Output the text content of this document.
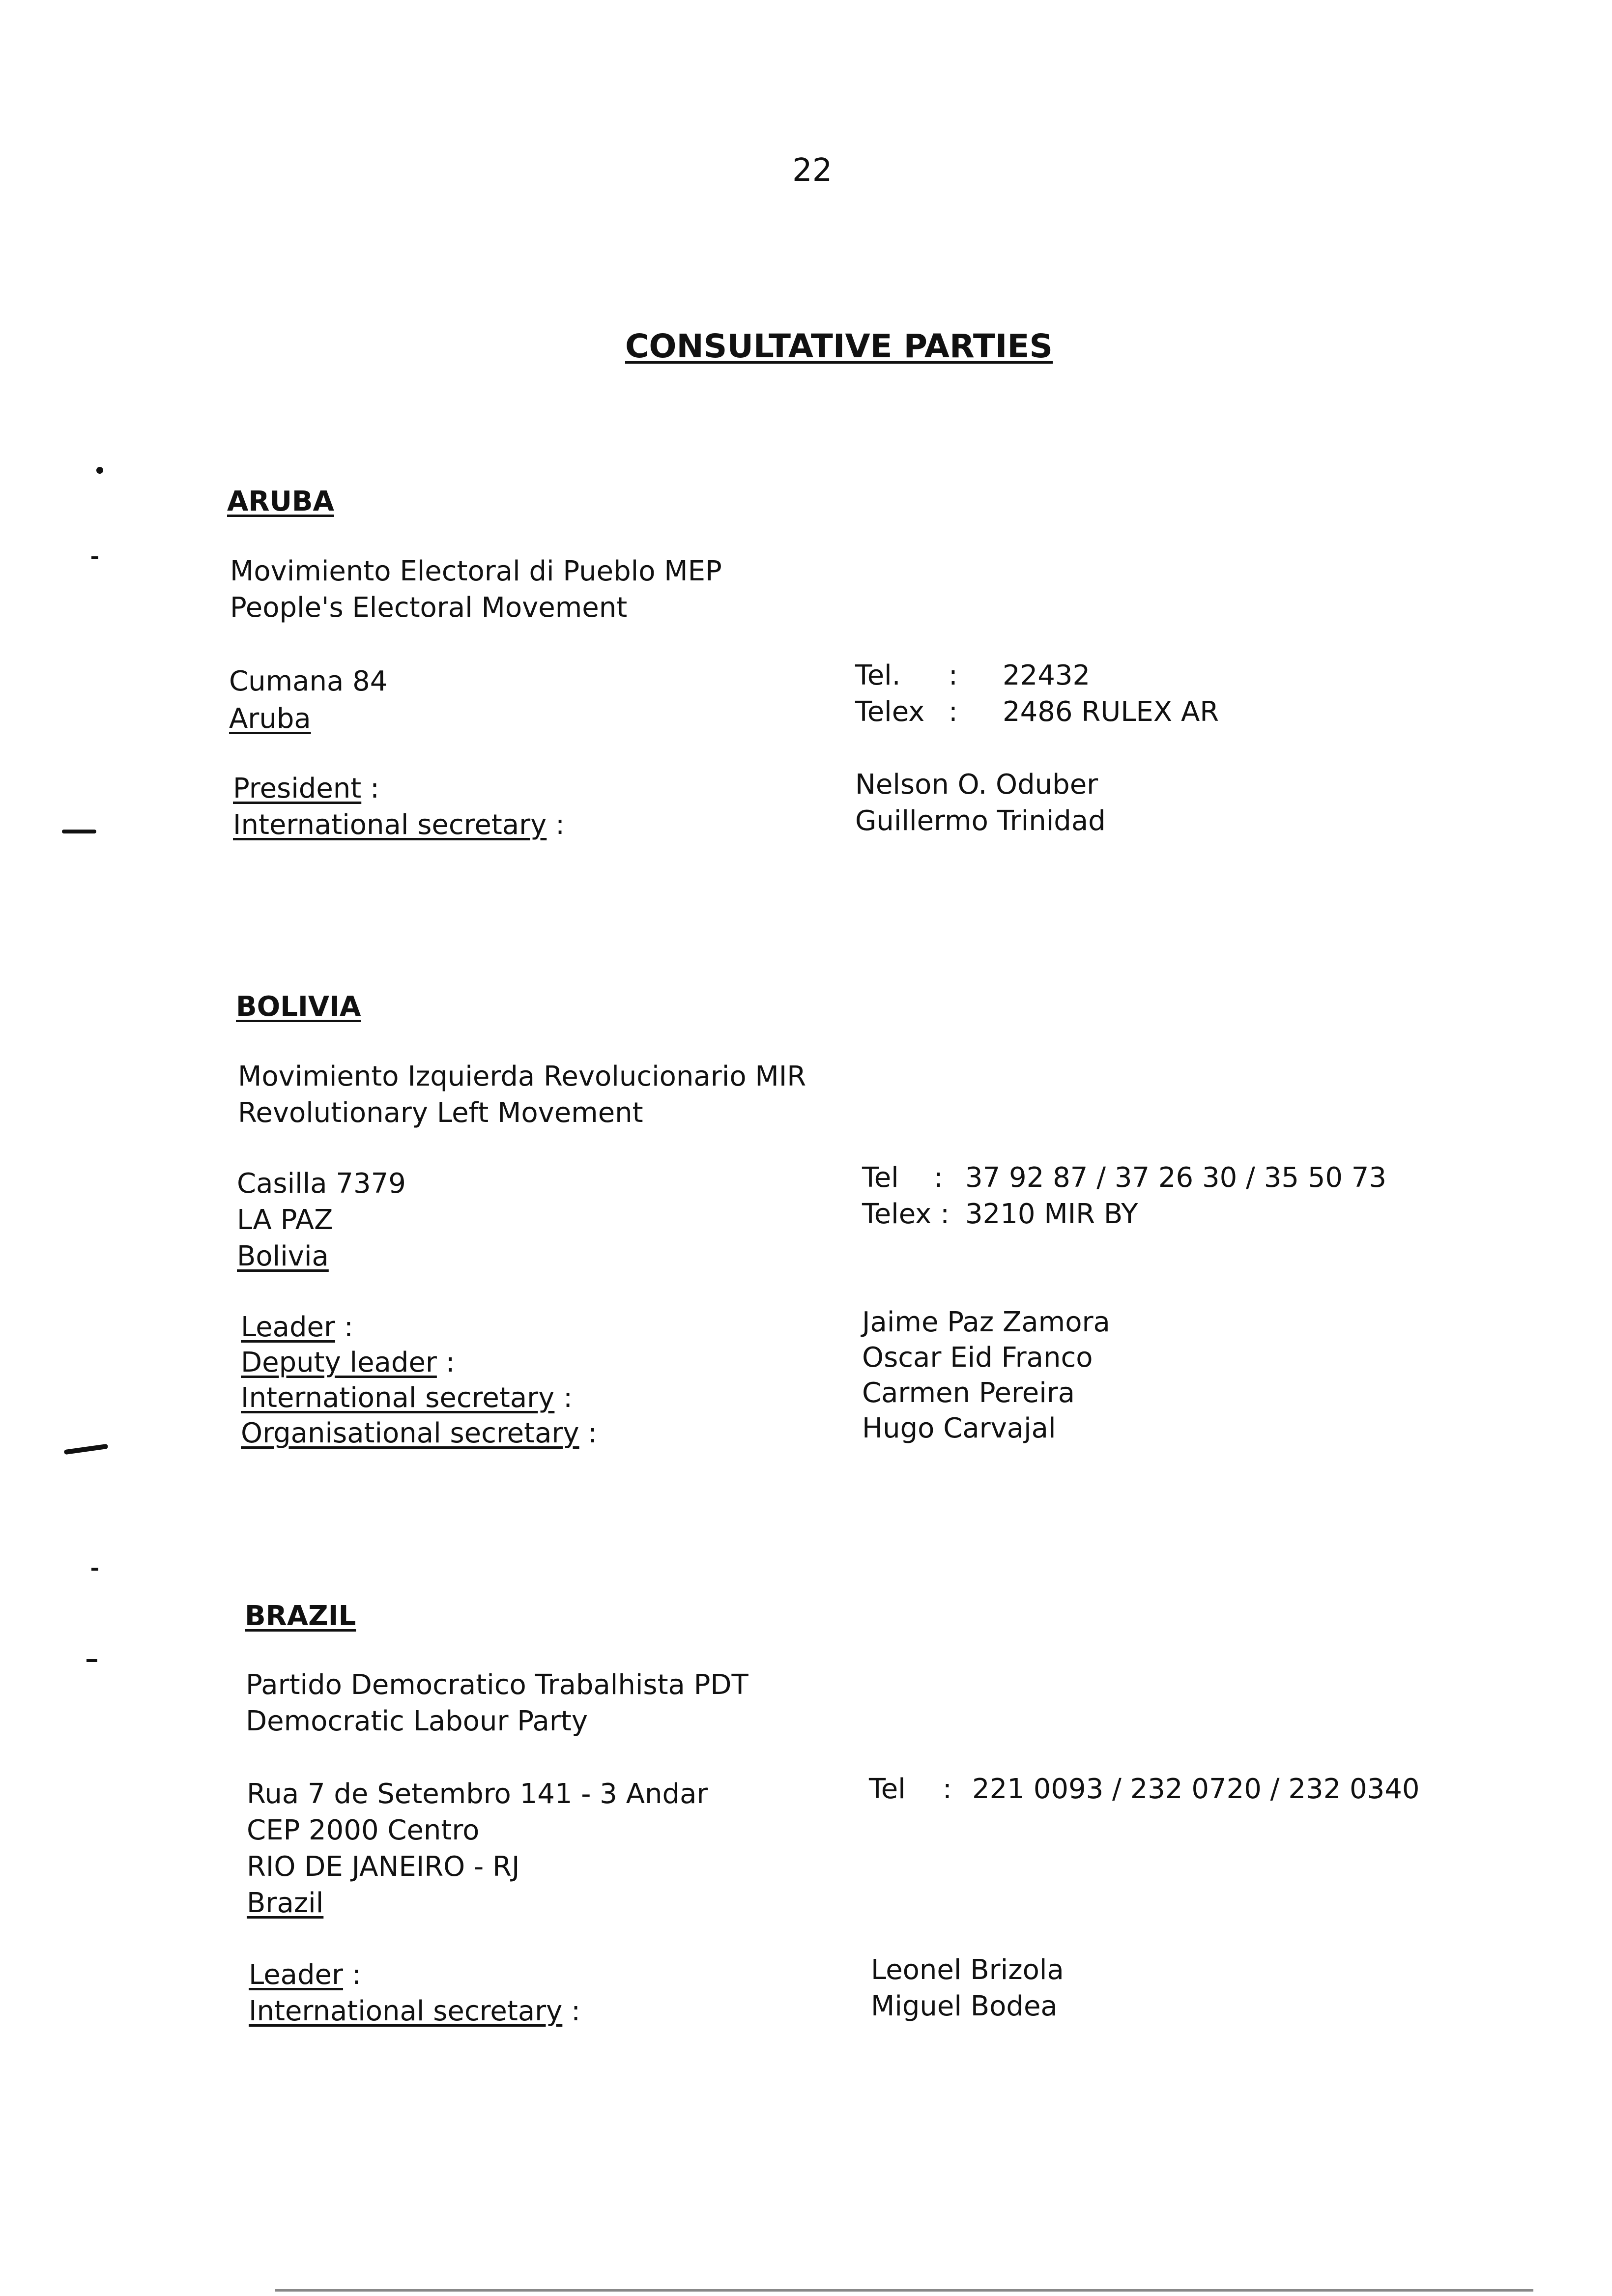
22
CONSULTATIVE PARTIES
ARUBA
Movimiento Electoral di Pueblo MEP
People's Electoral Movement
Cumana 84
Aruba
Tel. : 22432
Telex : 2486 RULEX AR
President :
International secretary :
Nelson O. Oduber
Guillermo Trinidad
BOLIVIA
Movimiento Izquierda Revolucionario MIR
Revolutionary Left Movement
Casilla 7379
LA PAZ
Bolivia
Tel : 37 92 87 / 37 26 30 / 35 50 73
Telex : 3210 MIR BY
Leader :
Deputy leader :
International secretary :
Organisational secretary :
Jaime Paz Zamora
Oscar Eid Franco
Carmen Pereira
Hugo Carvajal
BRAZIL
Partido Democratico Trabalhista PDT
Democratic Labour Party
Rua 7 de Setembro 141 - 3 Andar
CEP 2000 Centro
RIO DE JANEIRO - RJ
Brazil
Tel : 221 0093 / 232 0720 / 232 0340
Leader :
International secretary :
Leonel Brizola
Miguel Bodea
